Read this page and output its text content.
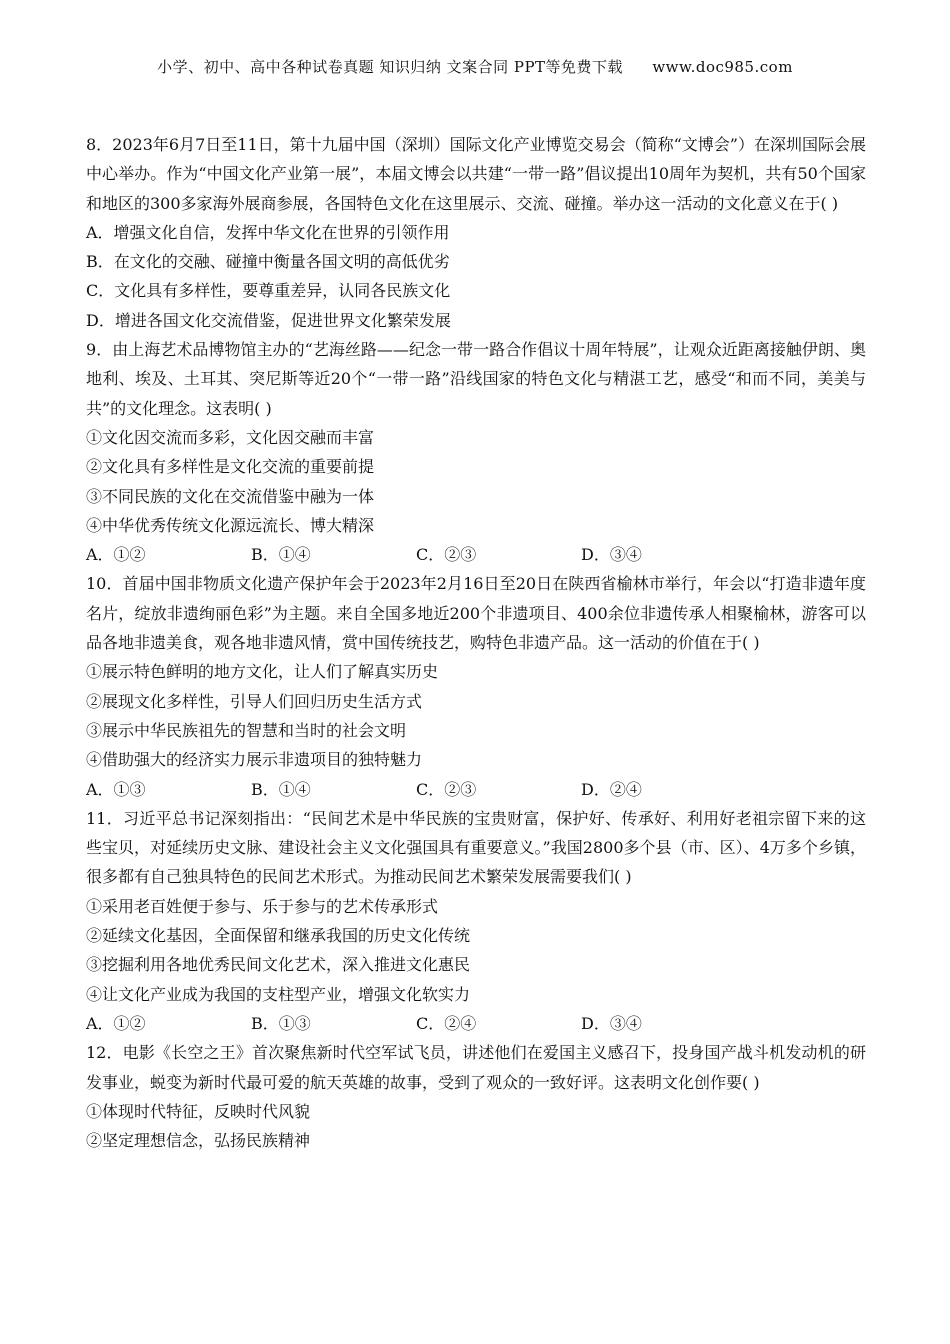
小学、初中、高中各种试卷真题 知识归纳 文案合同 PPT等免费下载 www.doc985.com

8．2023年6月7日至11日，第十九届中国（深圳）国际文化产业博览交易会（简称“文博会”）在深圳国际会展中心举办。作为“中国文化产业第一展”，本届文博会以共建“一带一路”倡议提出10周年为契机，共有50个国家和地区的300多家海外展商参展，各国特色文化在这里展示、交流、碰撞。举办这一活动的文化意义在于( )

A．增强文化自信，发挥中华文化在世界的引领作用

B．在文化的交融、碰撞中衡量各国文明的高低优劣

C．文化具有多样性，要尊重差异，认同各民族文化

D．增进各国文化交流借鉴，促进世界文化繁荣发展

9．由上海艺术品博物馆主办的“艺海丝路——纪念一带一路合作倡议十周年特展”，让观众近距离接触伊朗、奥地利、埃及、土耳其、突尼斯等近20个“一带一路”沿线国家的特色文化与精湛工艺，感受“和而不同，美美与共”的文化理念。这表明( )

①文化因交流而多彩，文化因交融而丰富

②文化具有多样性是文化交流的重要前提

③不同民族的文化在交流借鉴中融为一体

④中华优秀传统文化源远流长、博大精深

A．①②	B．①④	C．②③	D．③④

10．首届中国非物质文化遗产保护年会于2023年2月16日至20日在陕西省榆林市举行，年会以“打造非遗年度名片，绽放非遗绚丽色彩”为主题。来自全国多地近200个非遗项目、400余位非遗传承人相聚榆林，游客可以品各地非遗美食，观各地非遗风情，赏中国传统技艺，购特色非遗产品。这一活动的价值在于( )

①展示特色鲜明的地方文化，让人们了解真实历史

②展现文化多样性，引导人们回归历史生活方式

③展示中华民族祖先的智慧和当时的社会文明

④借助强大的经济实力展示非遗项目的独特魅力

A．①③	B．①④	C．②③	D．②④

11．习近平总书记深刻指出：“民间艺术是中华民族的宝贵财富，保护好、传承好、利用好老祖宗留下来的这些宝贝，对延续历史文脉、建设社会主义文化强国具有重要意义。”我国2800多个县（市、区）、4万多个乡镇，很多都有自己独具特色的民间艺术形式。为推动民间艺术繁荣发展需要我们( )

①采用老百姓便于参与、乐于参与的艺术传承形式

②延续文化基因，全面保留和继承我国的历史文化传统

③挖掘利用各地优秀民间文化艺术，深入推进文化惠民

④让文化产业成为我国的支柱型产业，增强文化软实力

A．①②	B．①③	C．②④	D．③④

12．电影《长空之王》首次聚焦新时代空军试飞员，讲述他们在爱国主义感召下，投身国产战斗机发动机的研发事业，蜕变为新时代最可爱的航天英雄的故事，受到了观众的一致好评。这表明文化创作要( )

①体现时代特征，反映时代风貌

②坚定理想信念，弘扬民族精神
